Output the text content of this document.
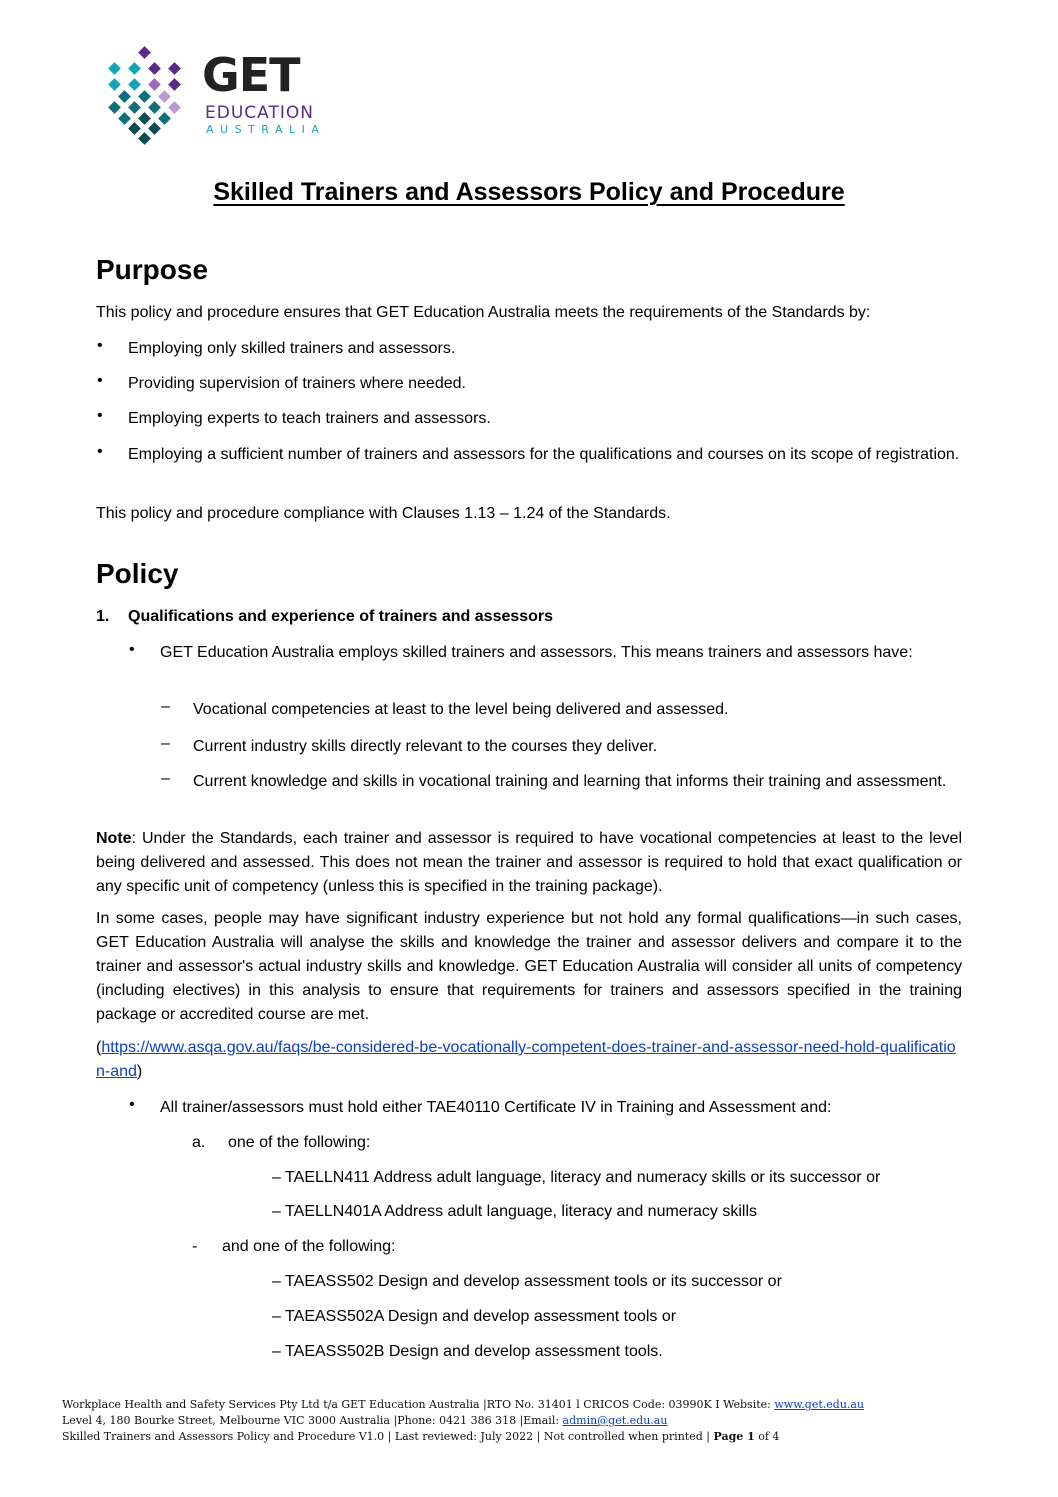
GET
EDUCATION
AUSTRALIA
Skilled Trainers and Assessors Policy and Procedure
Purpose
This policy and procedure ensures that GET Education Australia meets the requirements of the Standards by:
• Employing only skilled trainers and assessors.
• Providing supervision of trainers where needed.
• Employing experts to teach trainers and assessors.
• Employing a sufficient number of trainers and assessors for the qualifications and courses on its scope of registration.
This policy and procedure compliance with Clauses 1.13 – 1.24 of the Standards.
Policy
1. Qualifications and experience of trainers and assessors
• GET Education Australia employs skilled trainers and assessors. This means trainers and assessors have:
– Vocational competencies at least to the level being delivered and assessed.
– Current industry skills directly relevant to the courses they deliver.
– Current knowledge and skills in vocational training and learning that informs their training and assessment.
Note: Under the Standards, each trainer and assessor is required to have vocational competencies at least to the level being delivered and assessed. This does not mean the trainer and assessor is required to hold that exact qualification or any specific unit of competency (unless this is specified in the training package).
In some cases, people may have significant industry experience but not hold any formal qualifications—in such cases, GET Education Australia will analyse the skills and knowledge the trainer and assessor delivers and compare it to the trainer and assessor's actual industry skills and knowledge. GET Education Australia will consider all units of competency (including electives) in this analysis to ensure that requirements for trainers and assessors specified in the training package or accredited course are met.
(https://www.asqa.gov.au/faqs/be-considered-be-vocationally-competent-does-trainer-and-assessor-need-hold-qualification-and)
• All trainer/assessors must hold either TAE40110 Certificate IV in Training and Assessment and:
a. one of the following:
– TAELLN411 Address adult language, literacy and numeracy skills or its successor or
– TAELLN401A Address adult language, literacy and numeracy skills
- and one of the following:
– TAEASS502 Design and develop assessment tools or its successor or
– TAEASS502A Design and develop assessment tools or
– TAEASS502B Design and develop assessment tools.
Workplace Health and Safety Services Pty Ltd t/a GET Education Australia |RTO No. 31401 l CRICOS Code: 03990K I Website: www.get.edu.au
Level 4, 180 Bourke Street, Melbourne VIC 3000 Australia |Phone: 0421 386 318 |Email: admin@get.edu.au
Skilled Trainers and Assessors Policy and Procedure V1.0 | Last reviewed: July 2022 | Not controlled when printed | Page 1 of 4
